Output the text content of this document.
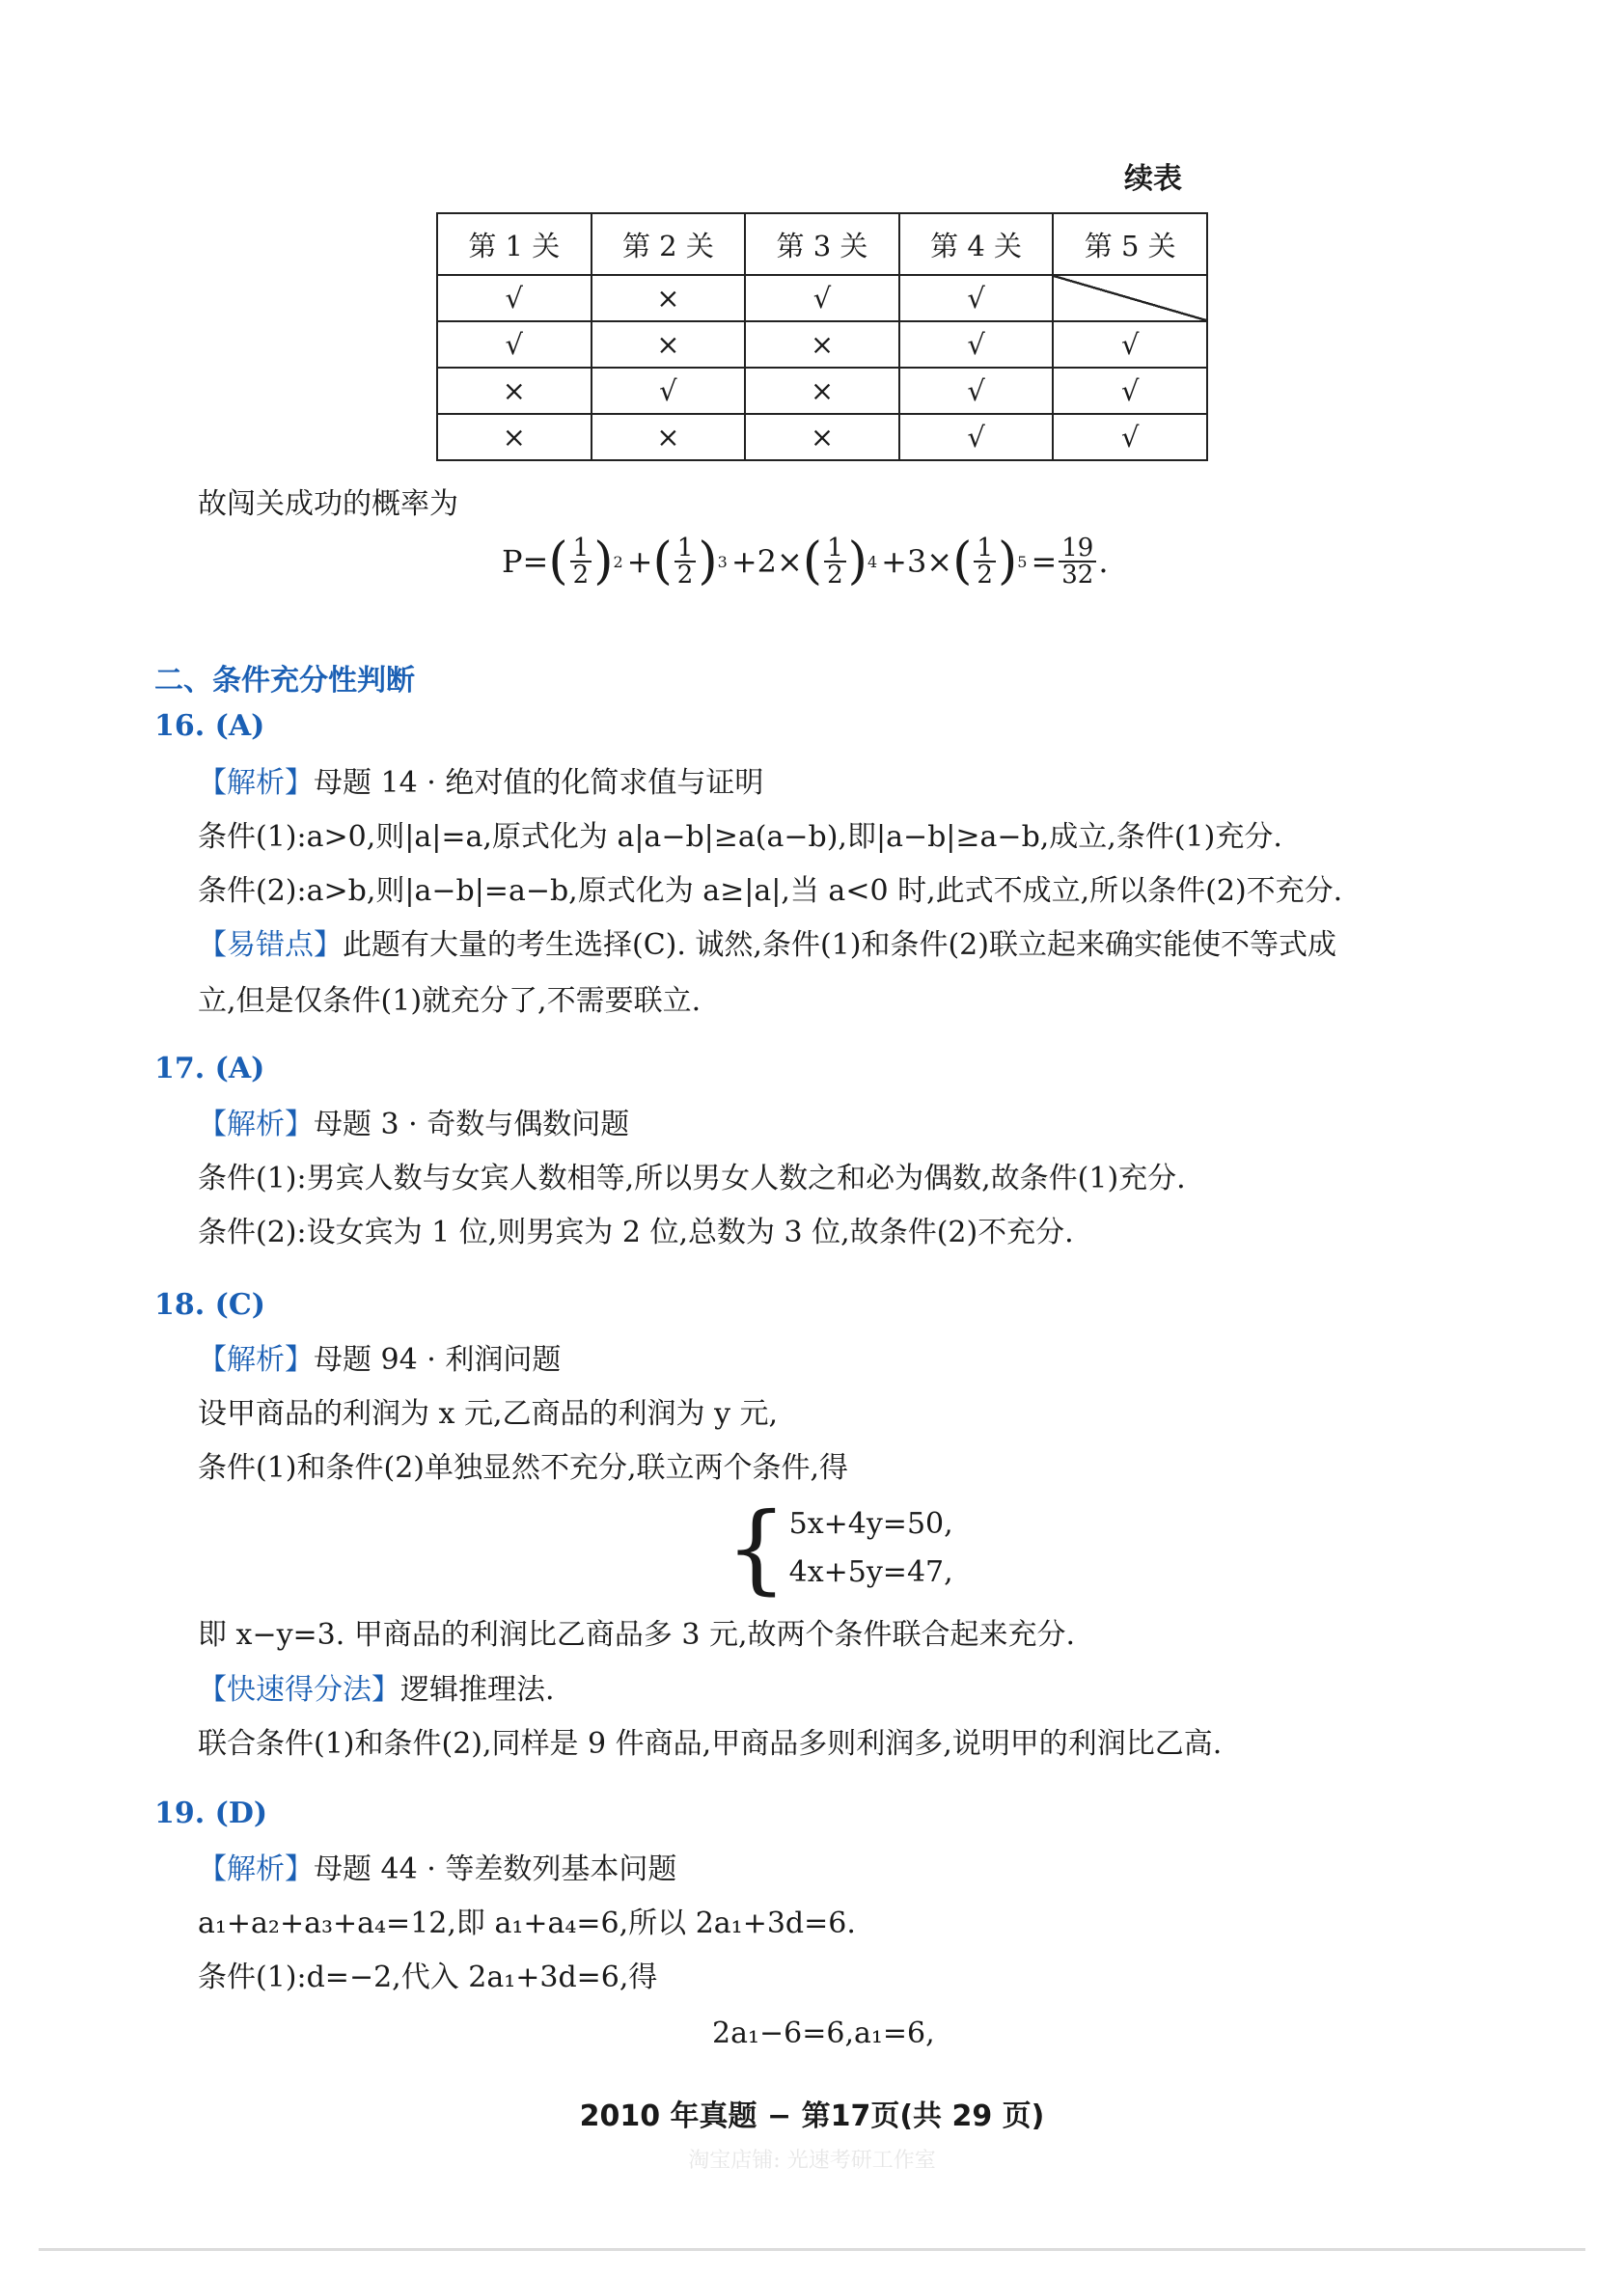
续表
第 1 关	第 2 关	第 3 关	第 4 关	第 5 关
√	×	√	√	
√	×	×	√	√
×	√	×	√	√
×	×	×	√	√
故闯关成功的概率为
P= ( $\frac{1}{2}$ ) 2 + ( $\frac{1}{2}$ ) 3 +2× ( $\frac{1}{2}$ ) 4 +3× ( $\frac{1}{2}$ ) $5 = \frac{19}{32}$ .
二、条件充分性判断
16. (A)
【解析】母题 14 · 绝对值的化简求值与证明
条件(1):a>0,则|a|=a,原式化为 a|a−b|≥a(a−b),即|a−b|≥a−b,成立,条件(1)充分.
条件(2):a>b,则|a−b|=a−b,原式化为 a≥|a|,当 a<0 时,此式不成立,所以条件(2)不充分.
【易错点】此题有大量的考生选择(C). 诚然,条件(1)和条件(2)联立起来确实能使不等式成
立,但是仅条件(1)就充分了,不需要联立.
17. (A)
【解析】母题 3 · 奇数与偶数问题
条件(1):男宾人数与女宾人数相等,所以男女人数之和必为偶数,故条件(1)充分.
条件(2):设女宾为 1 位,则男宾为 2 位,总数为 3 位,故条件(2)不充分.
18. (C)
【解析】母题 94 · 利润问题
设甲商品的利润为 x 元,乙商品的利润为 y 元,
条件(1)和条件(2)单独显然不充分,联立两个条件,得
{ 5x+4y=50,
4x+5y=47,
即 x−y=3. 甲商品的利润比乙商品多 3 元,故两个条件联合起来充分.
【快速得分法】逻辑推理法.
联合条件(1)和条件(2),同样是 9 件商品,甲商品多则利润多,说明甲的利润比乙高.
19. (D)
【解析】母题 44 · 等差数列基本问题
a₁+a₂+a₃+a₄=12,即 a₁+a₄=6,所以 2a₁+3d=6.
条件(1):d=−2,代入 2a₁+3d=6,得
2a₁−6=6,a₁=6,
2010 年真题 − 第17页(共 29 页)
淘宝店铺: 光速考研工作室
